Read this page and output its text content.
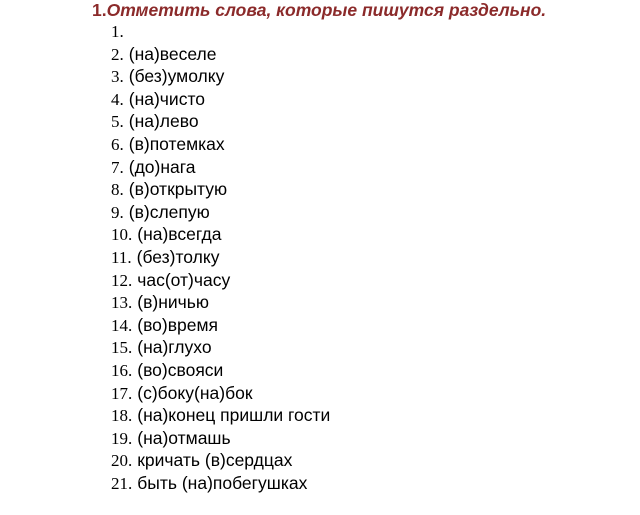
1.Отметить слова, которые пишутся раздельно.
1.
2. (на)веселе
3. (без)умолку
4. (на)чисто
5. (на)лево
6. (в)потемках
7. (до)нага
8. (в)открытую
9. (в)слепую
10. (на)всегда
11. (без)толку
12. час(от)часу
13. (в)ничью
14. (во)время
15. (на)глухо
16. (во)свояси
17. (с)боку(на)бок
18. (на)конец пришли гости
19. (на)отмашь
20. кричать (в)сердцах
21. быть (на)побегушках
